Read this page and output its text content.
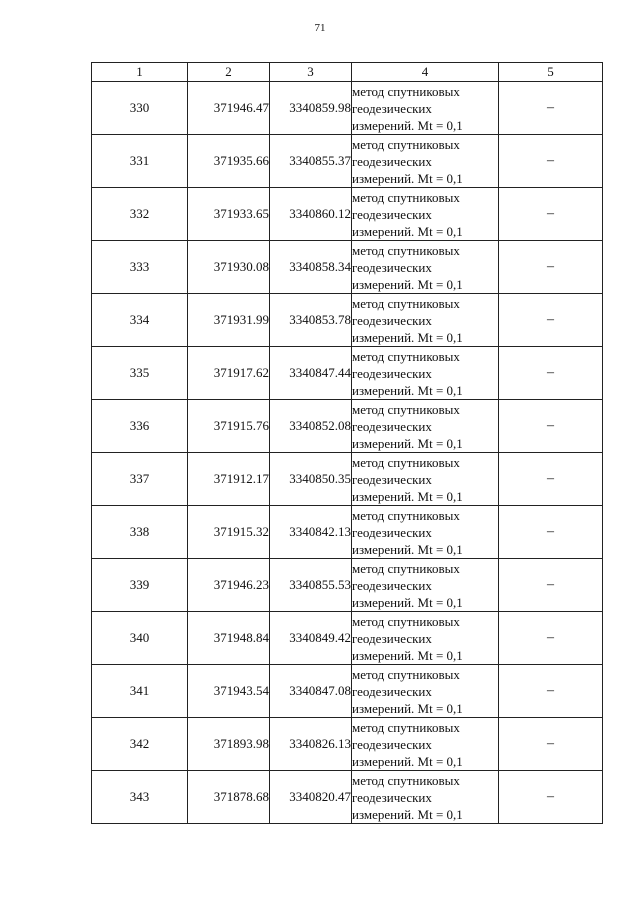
71
1	2	3	4	5
330	371946.47	3340859.98	метод спутниковых
геодезических
измерений. Mt = 0,1	–
331	371935.66	3340855.37	метод спутниковых
геодезических
измерений. Mt = 0,1	–
332	371933.65	3340860.12	метод спутниковых
геодезических
измерений. Mt = 0,1	–
333	371930.08	3340858.34	метод спутниковых
геодезических
измерений. Mt = 0,1	–
334	371931.99	3340853.78	метод спутниковых
геодезических
измерений. Mt = 0,1	–
335	371917.62	3340847.44	метод спутниковых
геодезических
измерений. Mt = 0,1	–
336	371915.76	3340852.08	метод спутниковых
геодезических
измерений. Mt = 0,1	–
337	371912.17	3340850.35	метод спутниковых
геодезических
измерений. Mt = 0,1	–
338	371915.32	3340842.13	метод спутниковых
геодезических
измерений. Mt = 0,1	–
339	371946.23	3340855.53	метод спутниковых
геодезических
измерений. Mt = 0,1	–
340	371948.84	3340849.42	метод спутниковых
геодезических
измерений. Mt = 0,1	–
341	371943.54	3340847.08	метод спутниковых
геодезических
измерений. Mt = 0,1	–
342	371893.98	3340826.13	метод спутниковых
геодезических
измерений. Mt = 0,1	–
343	371878.68	3340820.47	метод спутниковых
геодезических
измерений. Mt = 0,1	–
